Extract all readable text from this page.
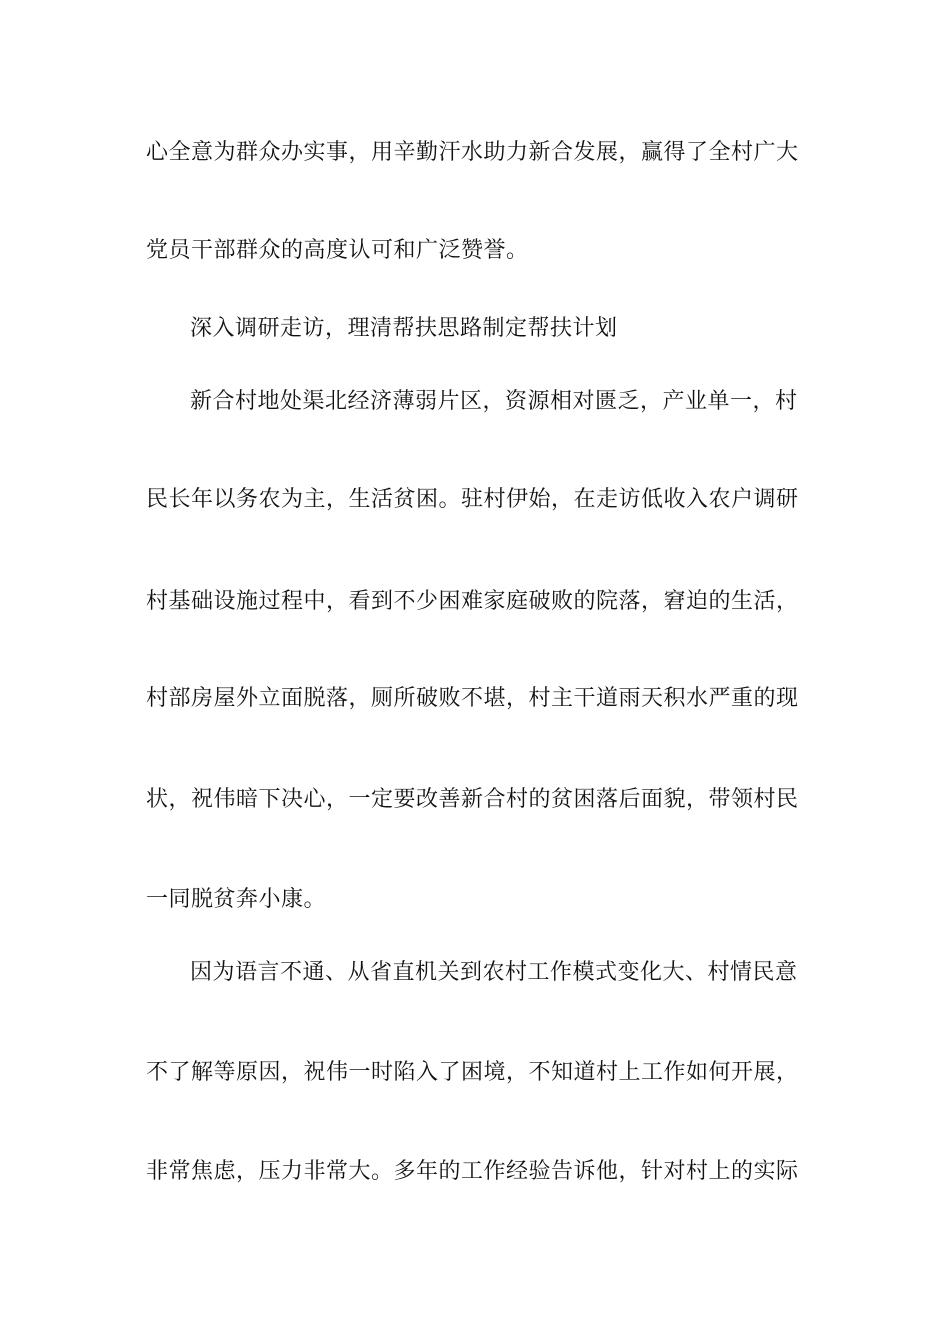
心全意为群众办实事，用辛勤汗水助力新合发展，赢得了全村广大
党员干部群众的高度认可和广泛赞誉。
深入调研走访，理清帮扶思路制定帮扶计划
新合村地处渠北经济薄弱片区，资源相对匮乏，产业单一，村
民长年以务农为主，生活贫困。驻村伊始，在走访低收入农户调研
村基础设施过程中，看到不少困难家庭破败的院落，窘迫的生活，
村部房屋外立面脱落，厕所破败不堪，村主干道雨天积水严重的现
状，祝伟暗下决心，一定要改善新合村的贫困落后面貌，带领村民
一同脱贫奔小康。
因为语言不通、从省直机关到农村工作模式变化大、村情民意
不了解等原因，祝伟一时陷入了困境，不知道村上工作如何开展，
非常焦虑，压力非常大。多年的工作经验告诉他，针对村上的实际
